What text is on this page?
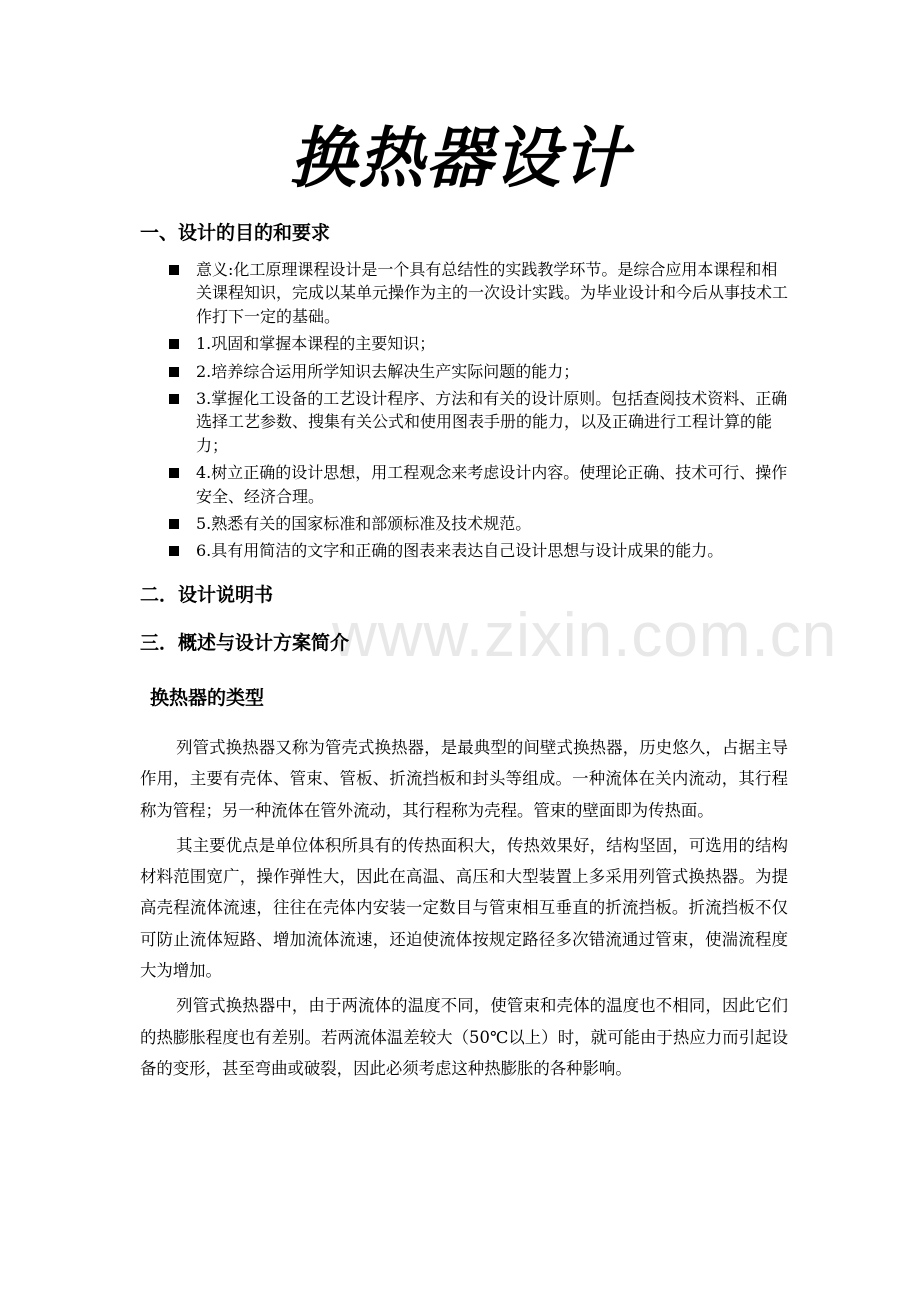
www.zixin.com.cn
换热器设计
一、设计的目的和要求
意义:化工原理课程设计是一个具有总结性的实践教学环节。是综合应用本课程和相关课程知识，完成以某单元操作为主的一次设计实践。为毕业设计和今后从事技术工作打下一定的基础。
1.巩固和掌握本课程的主要知识；
2.培养综合运用所学知识去解决生产实际问题的能力；
3.掌握化工设备的工艺设计程序、方法和有关的设计原则。包括查阅技术资料、正确选择工艺参数、搜集有关公式和使用图表手册的能力，以及正确进行工程计算的能力；
4.树立正确的设计思想，用工程观念来考虑设计内容。使理论正确、技术可行、操作安全、经济合理。
5.熟悉有关的国家标准和部颁标准及技术规范。
6.具有用简洁的文字和正确的图表来表达自己设计思想与设计成果的能力。
二．设计说明书
三．概述与设计方案简介
换热器的类型

列管式换热器又称为管壳式换热器，是最典型的间壁式换热器，历史悠久，占据主导作用，主要有壳体、管束、管板、折流挡板和封头等组成。一种流体在关内流动，其行程称为管程；另一种流体在管外流动，其行程称为壳程。管束的壁面即为传热面。

其主要优点是单位体积所具有的传热面积大，传热效果好，结构坚固，可选用的结构材料范围宽广，操作弹性大，因此在高温、高压和大型装置上多采用列管式换热器。为提高壳程流体流速，往往在壳体内安装一定数目与管束相互垂直的折流挡板。折流挡板不仅可防止流体短路、增加流体流速，还迫使流体按规定路径多次错流通过管束，使湍流程度大为增加。

列管式换热器中，由于两流体的温度不同，使管束和壳体的温度也不相同，因此它们的热膨胀程度也有差别。若两流体温差较大（50℃以上）时，就可能由于热应力而引起设备的变形，甚至弯曲或破裂，因此必须考虑这种热膨胀的各种影响。
